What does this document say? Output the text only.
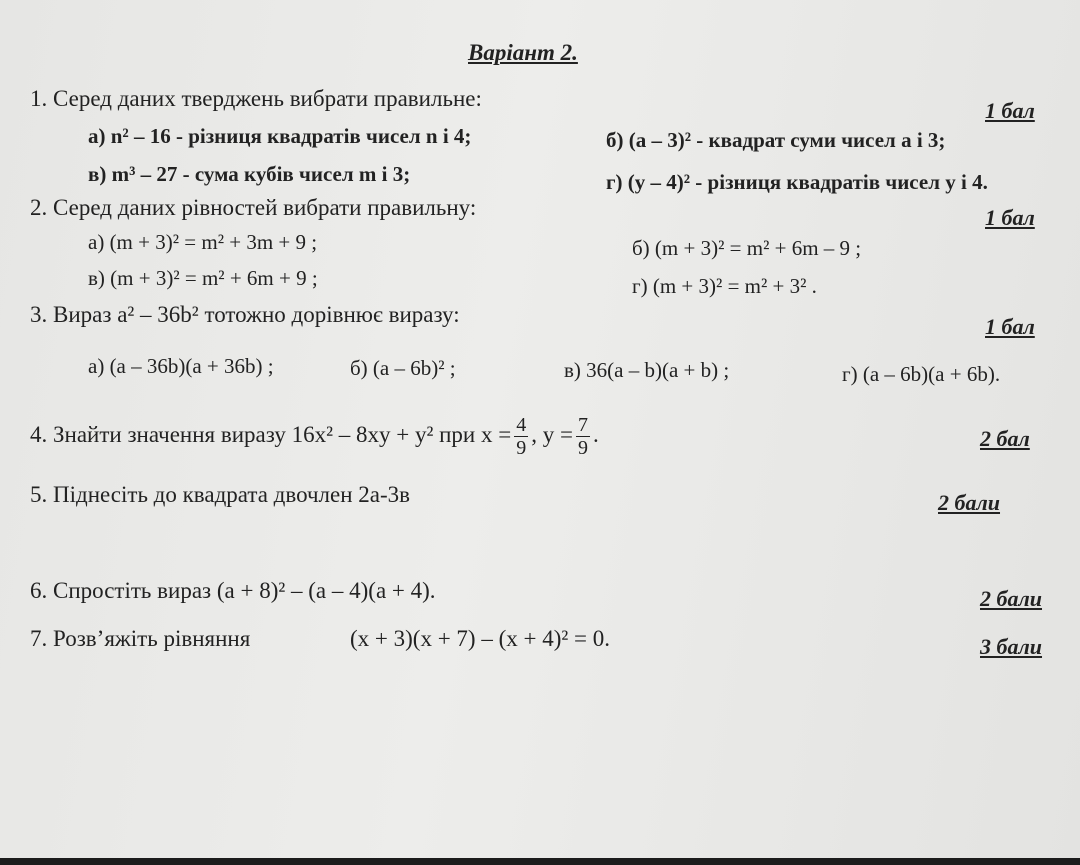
Варіант 2.
1. Серед даних тверджень вибрати правильне:	1 бал
а) n² – 16 - різниця квадратів чисел n і 4;	б) (a – 3)² - квадрат суми чисел a і 3;
в) m³ – 27 - сума кубів чисел m і 3;	г) (y – 4)² - різниця квадратів чисел y і 4.
2. Серед даних рівностей вибрати правильну:	1 бал
а) (m + 3)² = m² + 3m + 9 ;	б) (m + 3)² = m² + 6m – 9 ;
в) (m + 3)² = m² + 6m + 9 ;	г) (m + 3)² = m² + 3² .
3. Вираз a² – 36b² тотожно дорівнює виразу:	1 бал
а) (a – 36b)(a + 36b) ;	б) (a – 6b)² ;	в) 36(a – b)(a + b) ;	г) (a – 6b)(a + 6b).
4. Знайти значення виразу 16x² – 8xy + y² при $x = \frac{4}{9}$ , $y = \frac{7}{9}$ .	2 бал
5. Піднесіть до квадрата двочлен 2а-3в	2 бали
6. Спростіть вираз (a + 8)² – (a – 4)(a + 4).	2 бали
7. Розв’яжіть рівняння	(x + 3)(x + 7) – (x + 4)² = 0.	3 бали
